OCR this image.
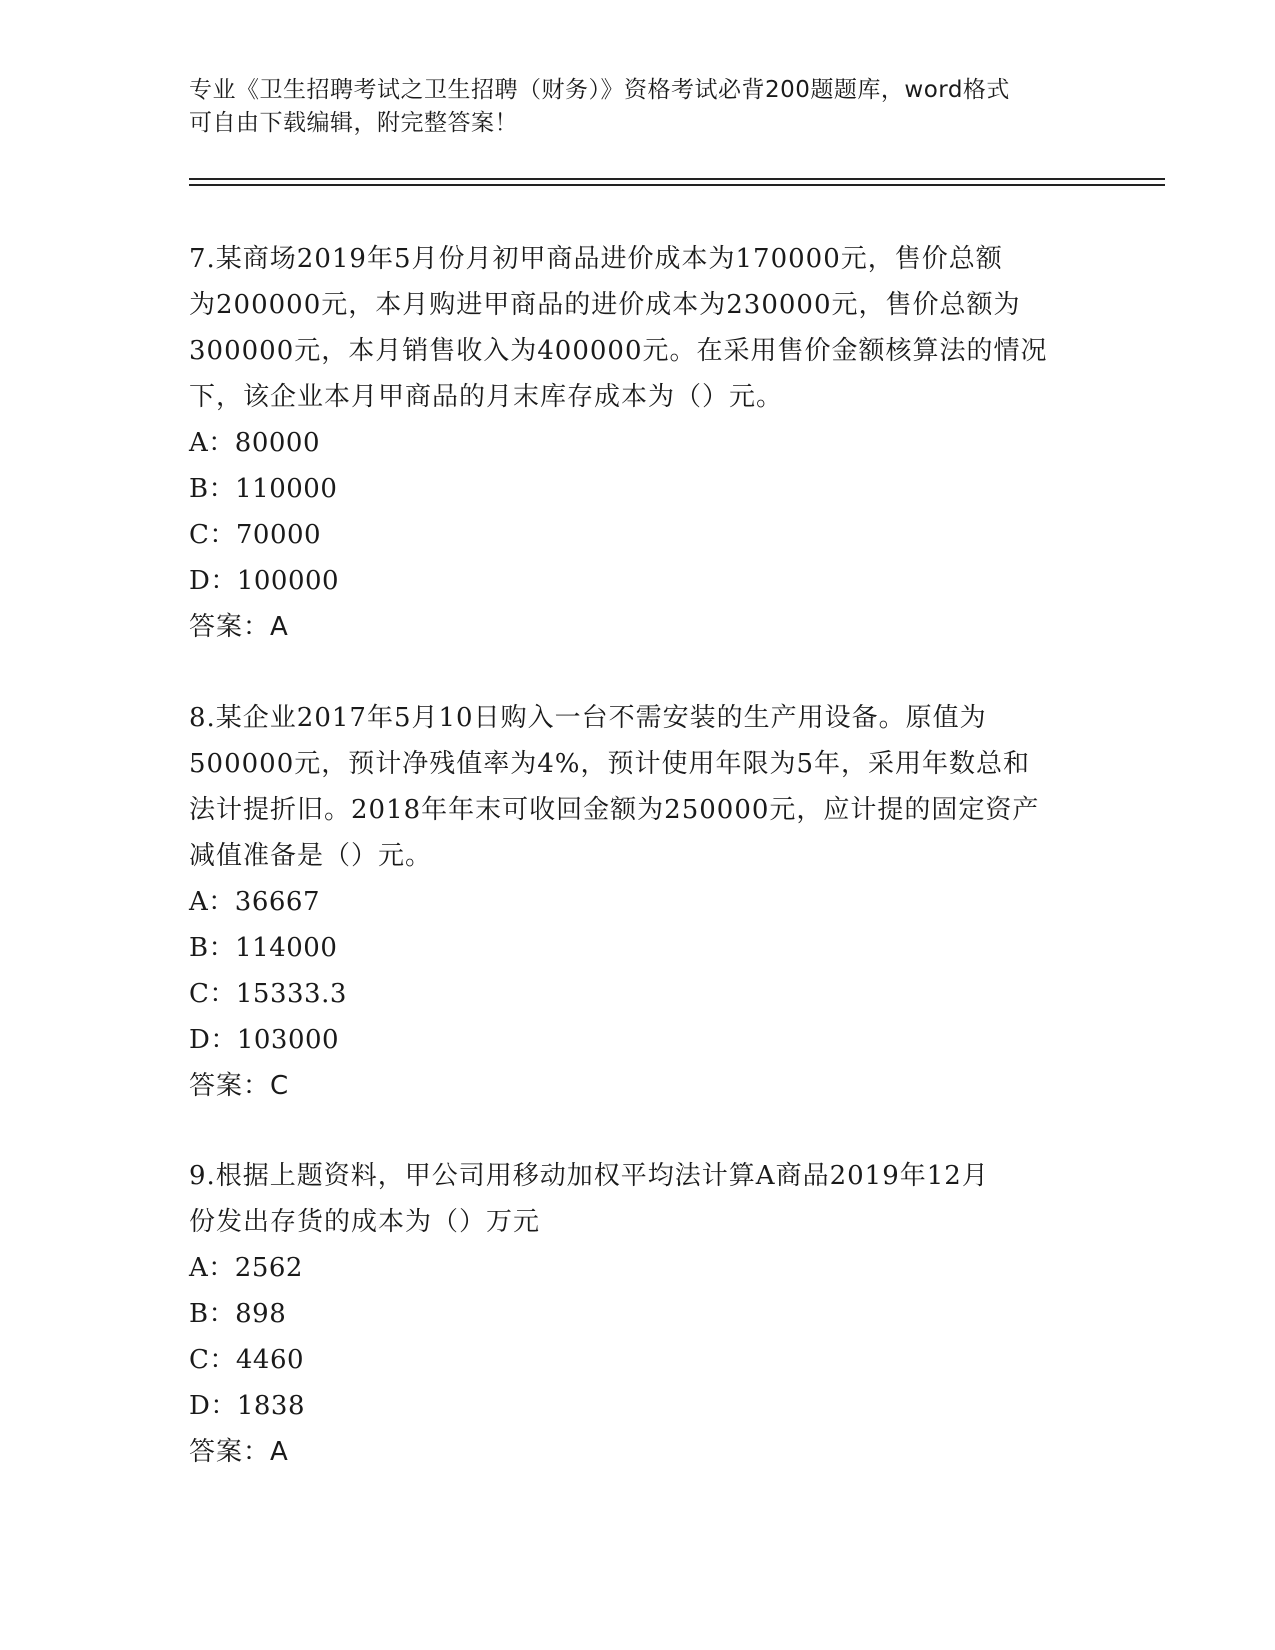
专业《卫生招聘考试之卫生招聘（财务）》资格考试必背200题题库，word格式
可自由下载编辑，附完整答案！
7.某商场2019年5月份月初甲商品进价成本为170000元，售价总额
为200000元，本月购进甲商品的进价成本为230000元，售价总额为
300000元，本月销售收入为400000元。在采用售价金额核算法的情况
下，该企业本月甲商品的月末库存成本为（）元。
A：80000
B：110000
C：70000
D：100000
答案：A
8.某企业2017年5月10日购入一台不需安装的生产用设备。原值为
500000元，预计净残值率为4%，预计使用年限为5年，采用年数总和
法计提折旧。2018年年末可收回金额为250000元，应计提的固定资产
减值准备是（）元。
A：36667
B：114000
C：15333.3
D：103000
答案：C
9.根据上题资料，甲公司用移动加权平均法计算A商品2019年12月
份发出存货的成本为（）万元
A：2562
B：898
C：4460
D：1838
答案：A
